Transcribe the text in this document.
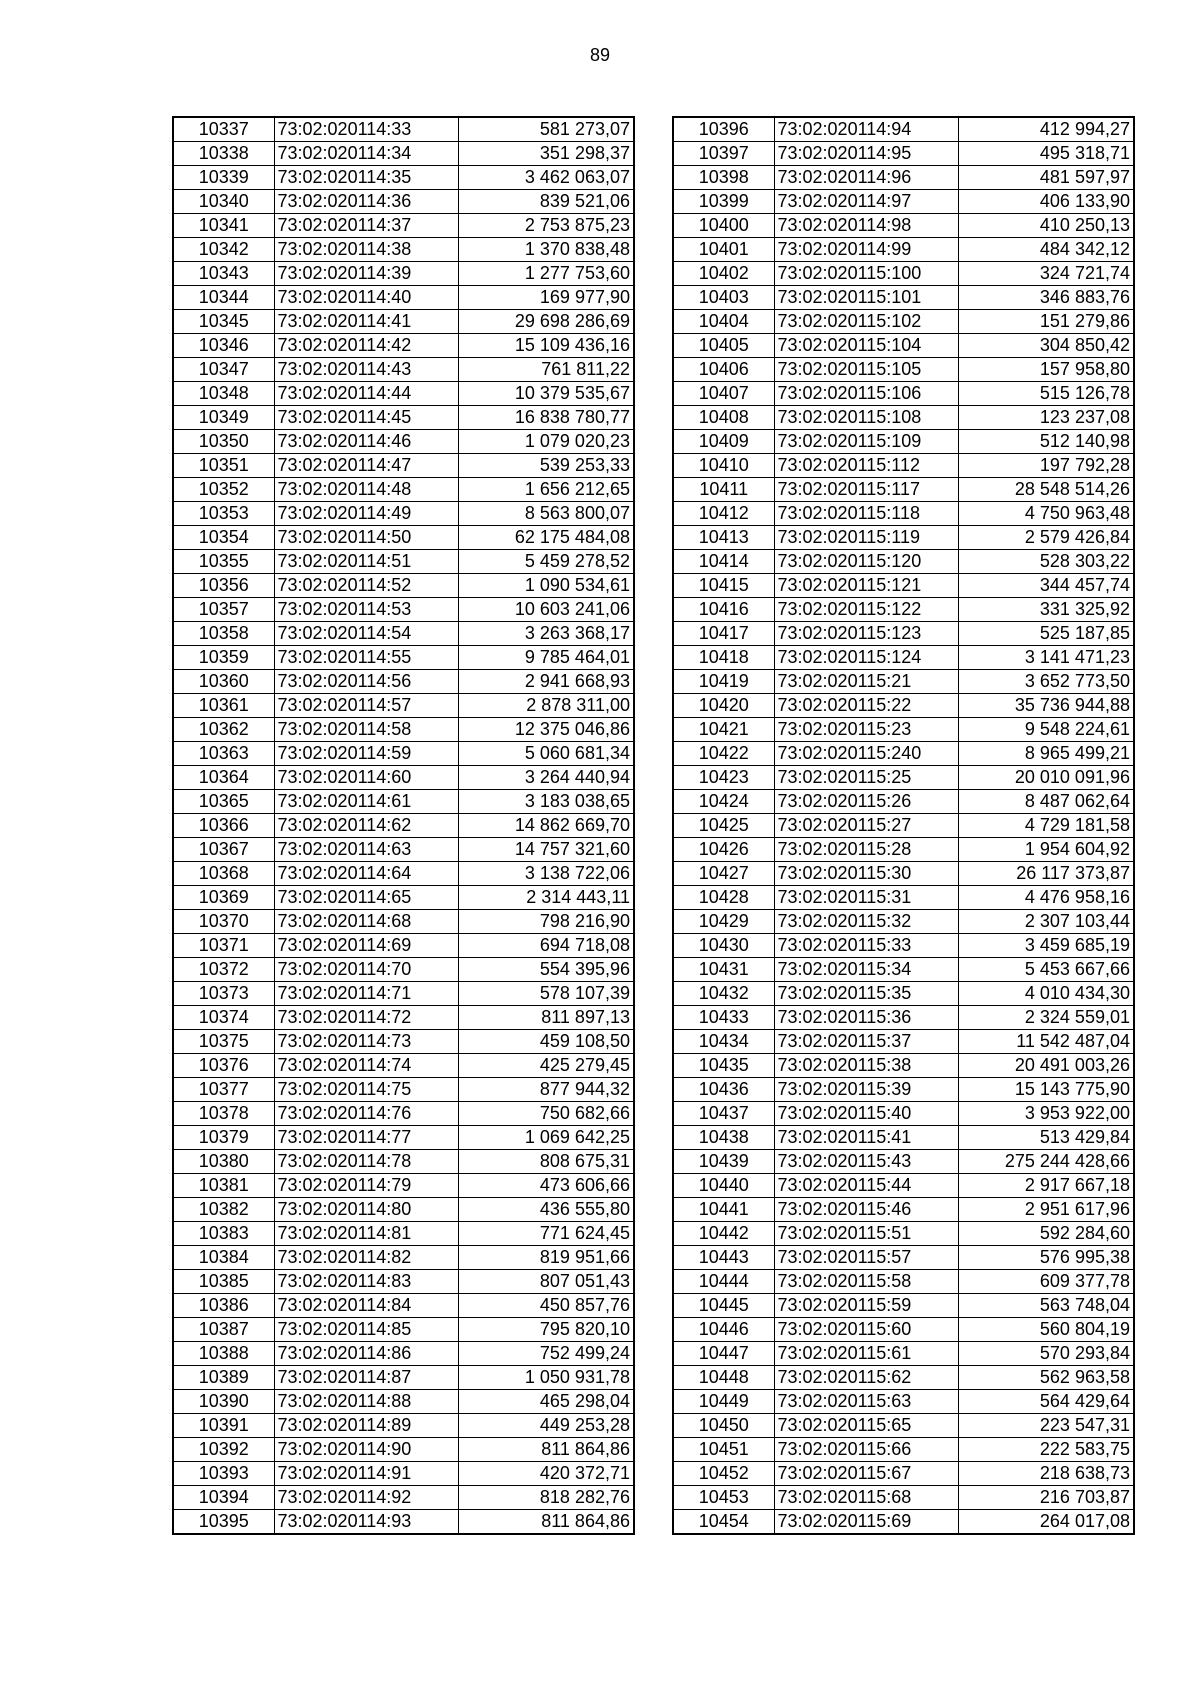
89
10337	73:02:020114:33	581 273,07
10338	73:02:020114:34	351 298,37
10339	73:02:020114:35	3 462 063,07
10340	73:02:020114:36	839 521,06
10341	73:02:020114:37	2 753 875,23
10342	73:02:020114:38	1 370 838,48
10343	73:02:020114:39	1 277 753,60
10344	73:02:020114:40	169 977,90
10345	73:02:020114:41	29 698 286,69
10346	73:02:020114:42	15 109 436,16
10347	73:02:020114:43	761 811,22
10348	73:02:020114:44	10 379 535,67
10349	73:02:020114:45	16 838 780,77
10350	73:02:020114:46	1 079 020,23
10351	73:02:020114:47	539 253,33
10352	73:02:020114:48	1 656 212,65
10353	73:02:020114:49	8 563 800,07
10354	73:02:020114:50	62 175 484,08
10355	73:02:020114:51	5 459 278,52
10356	73:02:020114:52	1 090 534,61
10357	73:02:020114:53	10 603 241,06
10358	73:02:020114:54	3 263 368,17
10359	73:02:020114:55	9 785 464,01
10360	73:02:020114:56	2 941 668,93
10361	73:02:020114:57	2 878 311,00
10362	73:02:020114:58	12 375 046,86
10363	73:02:020114:59	5 060 681,34
10364	73:02:020114:60	3 264 440,94
10365	73:02:020114:61	3 183 038,65
10366	73:02:020114:62	14 862 669,70
10367	73:02:020114:63	14 757 321,60
10368	73:02:020114:64	3 138 722,06
10369	73:02:020114:65	2 314 443,11
10370	73:02:020114:68	798 216,90
10371	73:02:020114:69	694 718,08
10372	73:02:020114:70	554 395,96
10373	73:02:020114:71	578 107,39
10374	73:02:020114:72	811 897,13
10375	73:02:020114:73	459 108,50
10376	73:02:020114:74	425 279,45
10377	73:02:020114:75	877 944,32
10378	73:02:020114:76	750 682,66
10379	73:02:020114:77	1 069 642,25
10380	73:02:020114:78	808 675,31
10381	73:02:020114:79	473 606,66
10382	73:02:020114:80	436 555,80
10383	73:02:020114:81	771 624,45
10384	73:02:020114:82	819 951,66
10385	73:02:020114:83	807 051,43
10386	73:02:020114:84	450 857,76
10387	73:02:020114:85	795 820,10
10388	73:02:020114:86	752 499,24
10389	73:02:020114:87	1 050 931,78
10390	73:02:020114:88	465 298,04
10391	73:02:020114:89	449 253,28
10392	73:02:020114:90	811 864,86
10393	73:02:020114:91	420 372,71
10394	73:02:020114:92	818 282,76
10395	73:02:020114:93	811 864,86
10396	73:02:020114:94	412 994,27
10397	73:02:020114:95	495 318,71
10398	73:02:020114:96	481 597,97
10399	73:02:020114:97	406 133,90
10400	73:02:020114:98	410 250,13
10401	73:02:020114:99	484 342,12
10402	73:02:020115:100	324 721,74
10403	73:02:020115:101	346 883,76
10404	73:02:020115:102	151 279,86
10405	73:02:020115:104	304 850,42
10406	73:02:020115:105	157 958,80
10407	73:02:020115:106	515 126,78
10408	73:02:020115:108	123 237,08
10409	73:02:020115:109	512 140,98
10410	73:02:020115:112	197 792,28
10411	73:02:020115:117	28 548 514,26
10412	73:02:020115:118	4 750 963,48
10413	73:02:020115:119	2 579 426,84
10414	73:02:020115:120	528 303,22
10415	73:02:020115:121	344 457,74
10416	73:02:020115:122	331 325,92
10417	73:02:020115:123	525 187,85
10418	73:02:020115:124	3 141 471,23
10419	73:02:020115:21	3 652 773,50
10420	73:02:020115:22	35 736 944,88
10421	73:02:020115:23	9 548 224,61
10422	73:02:020115:240	8 965 499,21
10423	73:02:020115:25	20 010 091,96
10424	73:02:020115:26	8 487 062,64
10425	73:02:020115:27	4 729 181,58
10426	73:02:020115:28	1 954 604,92
10427	73:02:020115:30	26 117 373,87
10428	73:02:020115:31	4 476 958,16
10429	73:02:020115:32	2 307 103,44
10430	73:02:020115:33	3 459 685,19
10431	73:02:020115:34	5 453 667,66
10432	73:02:020115:35	4 010 434,30
10433	73:02:020115:36	2 324 559,01
10434	73:02:020115:37	11 542 487,04
10435	73:02:020115:38	20 491 003,26
10436	73:02:020115:39	15 143 775,90
10437	73:02:020115:40	3 953 922,00
10438	73:02:020115:41	513 429,84
10439	73:02:020115:43	275 244 428,66
10440	73:02:020115:44	2 917 667,18
10441	73:02:020115:46	2 951 617,96
10442	73:02:020115:51	592 284,60
10443	73:02:020115:57	576 995,38
10444	73:02:020115:58	609 377,78
10445	73:02:020115:59	563 748,04
10446	73:02:020115:60	560 804,19
10447	73:02:020115:61	570 293,84
10448	73:02:020115:62	562 963,58
10449	73:02:020115:63	564 429,64
10450	73:02:020115:65	223 547,31
10451	73:02:020115:66	222 583,75
10452	73:02:020115:67	218 638,73
10453	73:02:020115:68	216 703,87
10454	73:02:020115:69	264 017,08
